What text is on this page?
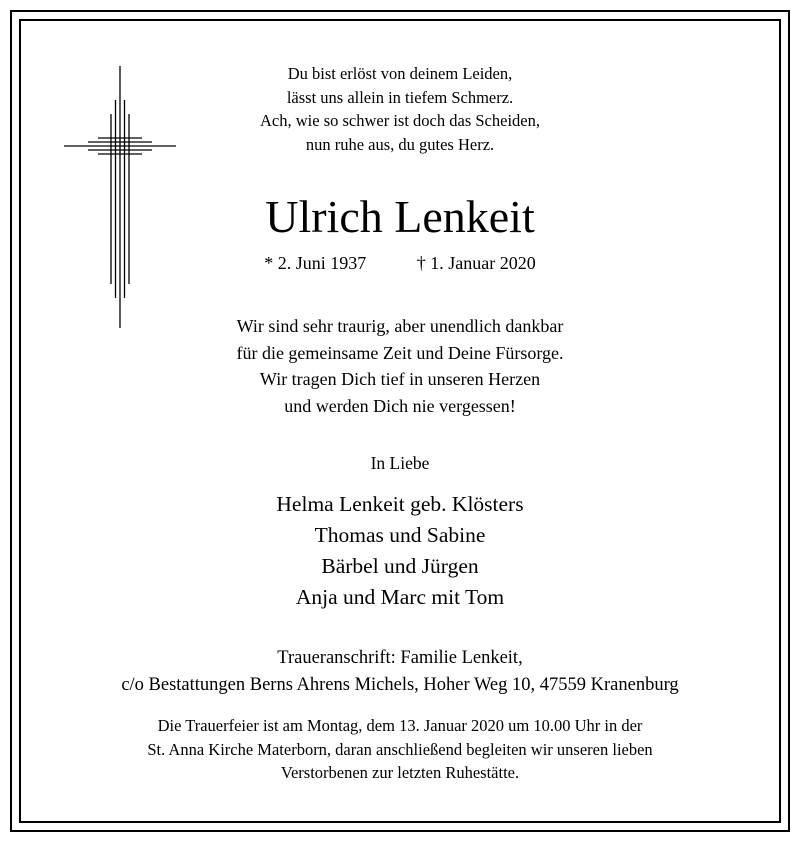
Du bist erlöst von deinem Leiden,
lässt uns allein in tiefem Schmerz.
Ach, wie so schwer ist doch das Scheiden,
nun ruhe aus, du gutes Herz.
Ulrich Lenkeit
* 2. Juni 1937	† 1. Januar 2020
Wir sind sehr traurig, aber unendlich dankbar
für die gemeinsame Zeit und Deine Fürsorge.
Wir tragen Dich tief in unseren Herzen
und werden Dich nie vergessen!
In Liebe
Helma Lenkeit geb. Klösters
Thomas und Sabine
Bärbel und Jürgen
Anja und Marc mit Tom
Traueranschrift: Familie Lenkeit,
c/o Bestattungen Berns Ahrens Michels, Hoher Weg 10, 47559 Kranenburg
Die Trauerfeier ist am Montag, dem 13. Januar 2020 um 10.00 Uhr in der
St. Anna Kirche Materborn, daran anschließend begleiten wir unseren lieben
Verstorbenen zur letzten Ruhestätte.
